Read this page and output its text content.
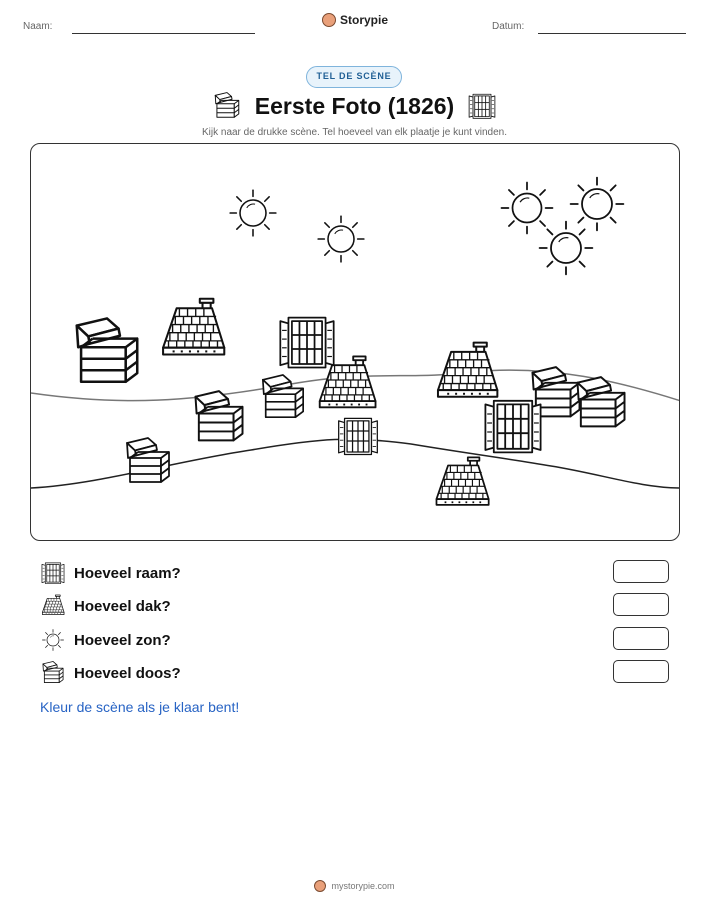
Naam:	Storypie	Datum:
TEL DE SCÈNE
Eerste Foto (1826)
Kijk naar de drukke scène. Tel hoeveel van elk plaatje je kunt vinden.
Hoeveel raam?
Hoeveel dak?
Hoeveel zon?
Hoeveel doos?
Kleur de scène als je klaar bent!
mystorypie.com
